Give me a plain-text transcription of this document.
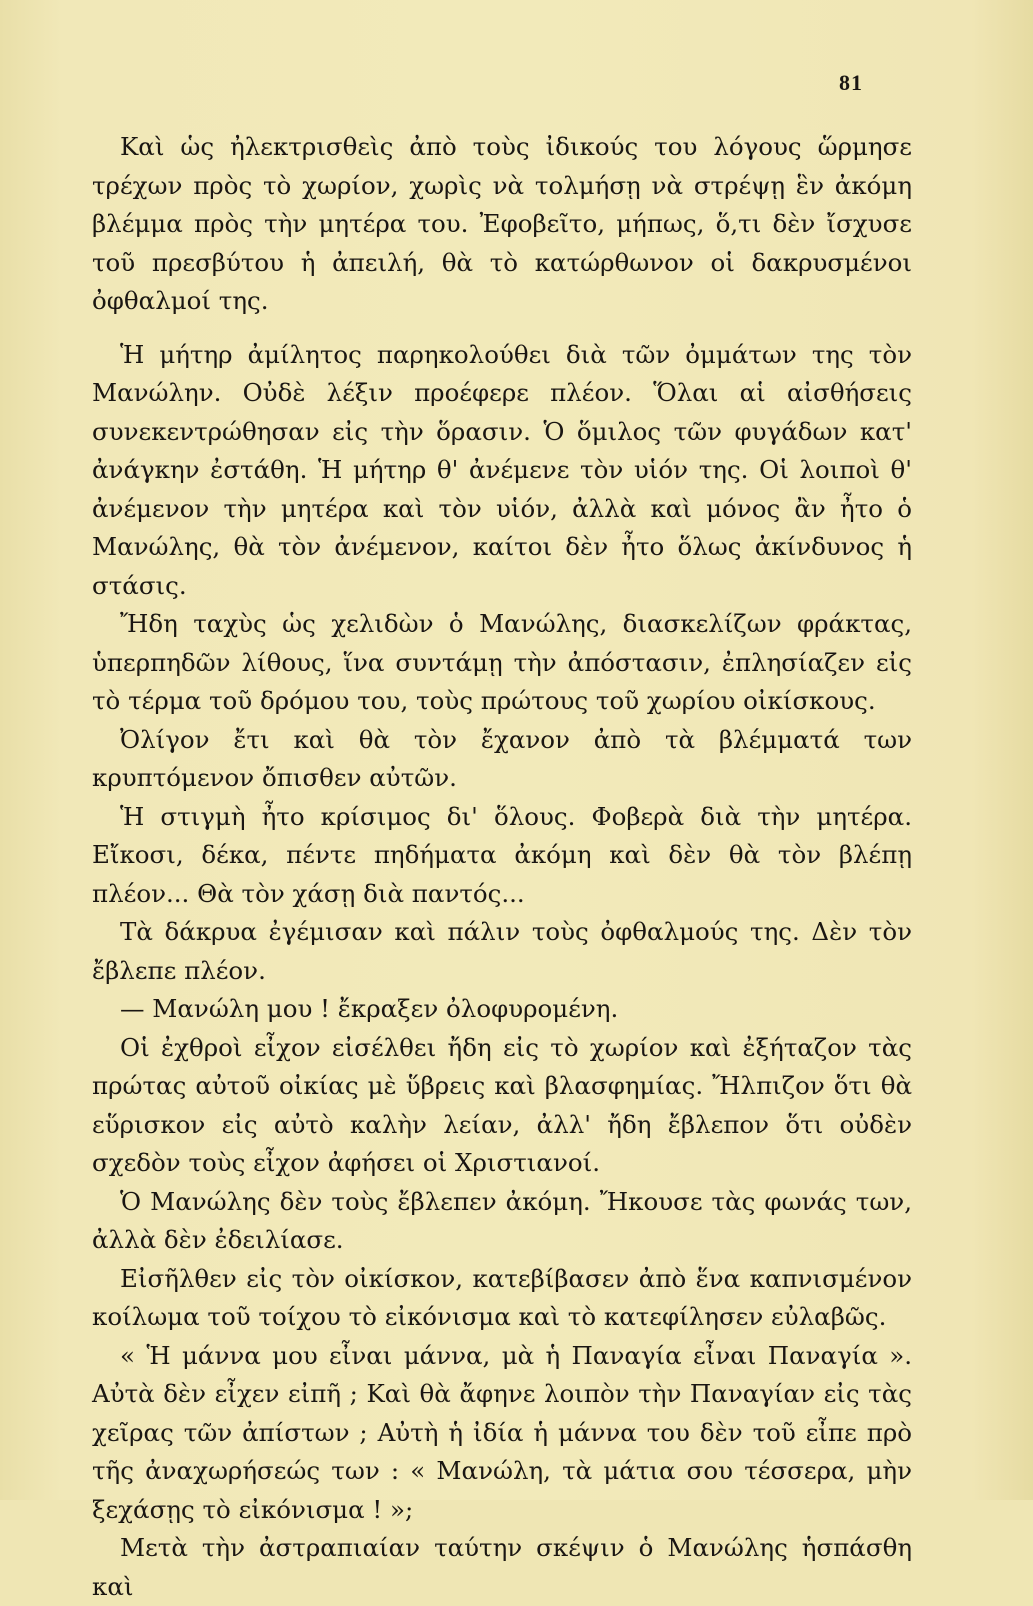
81

Καὶ ὡς ἠλεκτρισθεὶς ἀπὸ τοὺς ἰδικούς του λόγους ὥρμησε τρέχων πρὸς τὸ χωρίον, χωρὶς νὰ τολμήσῃ νὰ στρέψῃ ἓν ἀκόμη βλέμμα πρὸς τὴν μητέρα του. Ἐφοβεῖτο, μήπως, ὅ,τι δὲν ἴσχυσε τοῦ πρεσβύτου ἡ ἀπειλή, θὰ τὸ κατώρθωνον οἱ δακρυσμένοι ὀφθαλμοί της.

Ἡ μήτηρ ἀμίλητος παρηκολούθει διὰ τῶν ὀμμάτων της τὸν Μανώλην. Οὐδὲ λέξιν προέφερε πλέον. Ὅλαι αἱ αἰσθήσεις συνεκεντρώθησαν εἰς τὴν ὅρασιν. Ὁ ὅμιλος τῶν φυγάδων κατ' ἀνάγκην ἐστάθη. Ἡ μήτηρ θ' ἀνέμενε τὸν υἱόν της. Οἱ λοιποὶ θ' ἀνέμενον τὴν μητέρα καὶ τὸν υἱόν, ἀλλὰ καὶ μόνος ἂν ἦτο ὁ Μανώλης, θὰ τὸν ἀνέμενον, καίτοι δὲν ἦτο ὅλως ἀκίνδυνος ἡ στάσις.

Ἤδη ταχὺς ὡς χελιδὼν ὁ Μανώλης, διασκελίζων φράκτας, ὑπερπηδῶν λίθους, ἵνα συντάμῃ τὴν ἀπόστασιν, ἐπλησίαζεν εἰς τὸ τέρμα τοῦ δρόμου του, τοὺς πρώτους τοῦ χωρίου οἰκίσκους.

Ὀλίγον ἔτι καὶ θὰ τὸν ἔχανον ἀπὸ τὰ βλέμματά των κρυπτόμενον ὄπισθεν αὐτῶν.

Ἡ στιγμὴ ἦτο κρίσιμος δι' ὅλους. Φοβερὰ διὰ τὴν μητέρα. Εἴκοσι, δέκα, πέντε πηδήματα ἀκόμη καὶ δὲν θὰ τὸν βλέπῃ πλέον... Θὰ τὸν χάσῃ διὰ παντός...

Τὰ δάκρυα ἐγέμισαν καὶ πάλιν τοὺς ὀφθαλμούς της. Δὲν τὸν ἔβλεπε πλέον.

— Μανώλη μου ! ἔκραξεν ὀλοφυρομένη.

Οἱ ἐχθροὶ εἶχον εἰσέλθει ἤδη εἰς τὸ χωρίον καὶ ἐξήταζον τὰς πρώτας αὐτοῦ οἰκίας μὲ ὕβρεις καὶ βλασφημίας. Ἤλπιζον ὅτι θὰ εὕρισκον εἰς αὐτὸ καλὴν λείαν, ἀλλ' ἤδη ἔβλεπον ὅτι οὐδὲν σχεδὸν τοὺς εἶχον ἀφήσει οἱ Χριστιανοί.

Ὁ Μανώλης δὲν τοὺς ἔβλεπεν ἀκόμη. Ἤκουσε τὰς φωνάς των, ἀλλὰ δὲν ἐδειλίασε.

Εἰσῆλθεν εἰς τὸν οἰκίσκον, κατεβίβασεν ἀπὸ ἕνα καπνισμένον κοίλωμα τοῦ τοίχου τὸ εἰκόνισμα καὶ τὸ κατεφίλησεν εὐλαβῶς.

« Ἡ μάννα μου εἶναι μάννα, μὰ ἡ Παναγία εἶναι Παναγία ». Αὐτὰ δὲν εἶχεν εἰπῆ ; Καὶ θὰ ἄφηνε λοιπὸν τὴν Παναγίαν εἰς τὰς χεῖρας τῶν ἀπίστων ; Αὐτὴ ἡ ἰδία ἡ μάννα του δὲν τοῦ εἶπε πρὸ τῆς ἀναχωρήσεώς των : « Μανώλη, τὰ μάτια σου τέσσερα, μὴν ξεχάσῃς τὸ εἰκόνισμα ! »;

Μετὰ τὴν ἀστραπιαίαν ταύτην σκέψιν ὁ Μανώλης ἡσπάσθη καὶ
